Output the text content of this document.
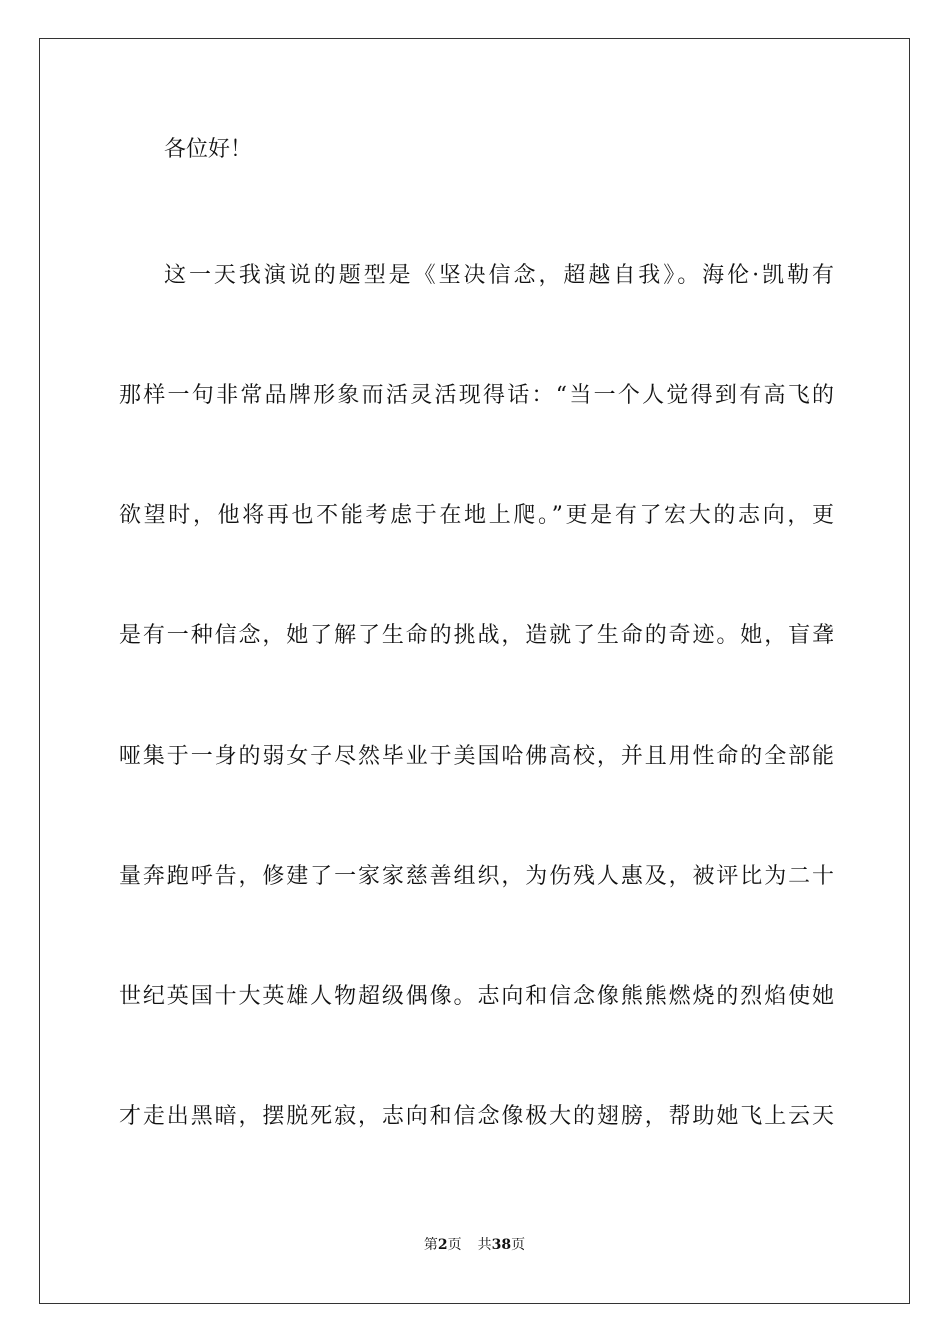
各位好！
这一天我演说的题型是《坚决信念，超越自我》。海伦·凯勒有
那样一句非常品牌形象而活灵活现得话：“当一个人觉得到有高飞的
欲望时，他将再也不能考虑于在地上爬。”更是有了宏大的志向，更
是有一种信念，她了解了生命的挑战，造就了生命的奇迹。她，盲聋
哑集于一身的弱女子尽然毕业于美国哈佛高校，并且用性命的全部能
量奔跑呼告，修建了一家家慈善组织，为伤残人惠及，被评比为二十
世纪英国十大英雄人物超级偶像。志向和信念像熊熊燃烧的烈焰使她
才走出黑暗，摆脱死寂，志向和信念像极大的翅膀，帮助她飞上云天
第2页 共38页
